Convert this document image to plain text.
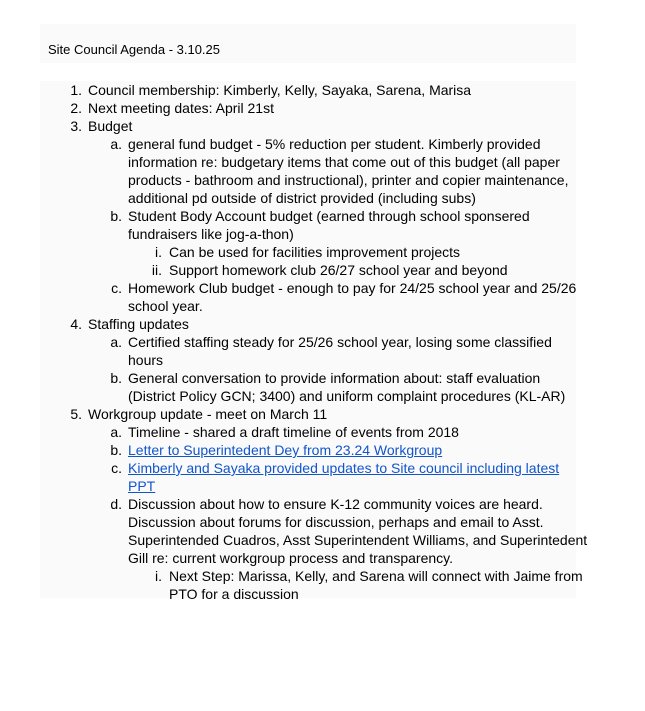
Site Council Agenda - 3.10.25
1. Council membership: Kimberly, Kelly, Sayaka, Sarena, Marisa
2. Next meeting dates: April 21st
3. Budget
a. general fund budget - 5% reduction per student. Kimberly provided
information re: budgetary items that come out of this budget (all paper
products - bathroom and instructional), printer and copier maintenance,
additional pd outside of district provided (including subs)
b. Student Body Account budget (earned through school sponsered
fundraisers like jog-a-thon)
i. Can be used for facilities improvement projects
ii. Support homework club 26/27 school year and beyond
c. Homework Club budget - enough to pay for 24/25 school year and 25/26
school year.
4. Staffing updates
a. Certified staffing steady for 25/26 school year, losing some classified
hours
b. General conversation to provide information about: staff evaluation
(District Policy GCN; 3400) and uniform complaint procedures (KL-AR)
5. Workgroup update - meet on March 11
a. Timeline - shared a draft timeline of events from 2018
b. Letter to Superintedent Dey from 23.24 Workgroup
c. Kimberly and Sayaka provided updates to Site council including latest
PPT
d. Discussion about how to ensure K-12 community voices are heard.
Discussion about forums for discussion, perhaps and email to Asst.
Superintended Cuadros, Asst Superintendent Williams, and Superintedent
Gill re: current workgroup process and transparency.
i. Next Step: Marissa, Kelly, and Sarena will connect with Jaime from
PTO for a discussion
